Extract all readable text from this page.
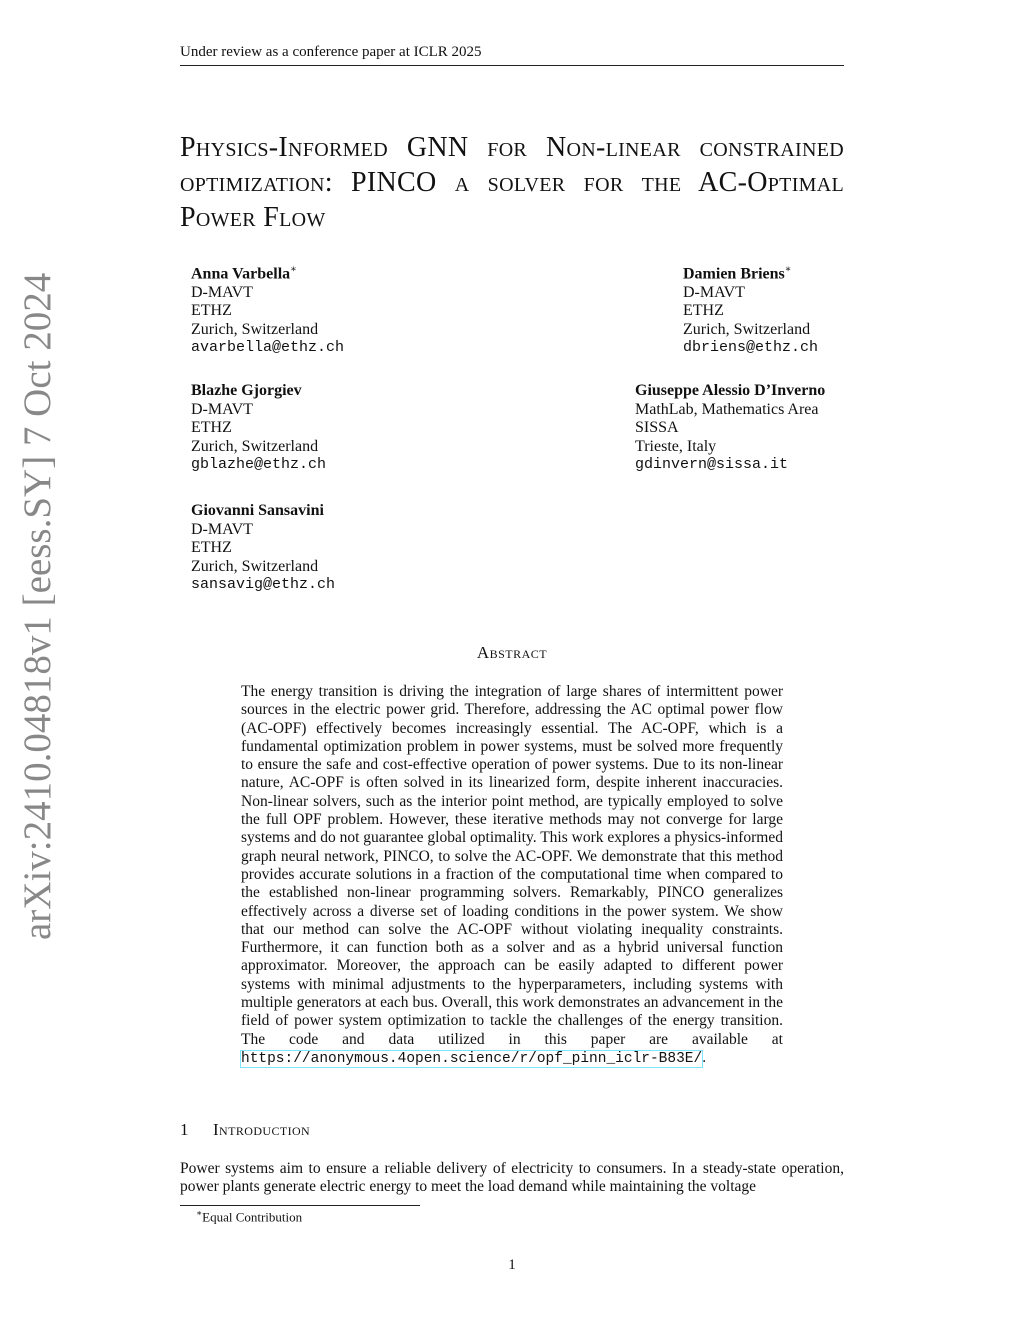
Under review as a conference paper at ICLR 2025
arXiv:2410.04818v1 [eess.SY] 7 Oct 2024
Physics-Informed GNN for Non-linear constrained optimization: PINCO a solver for the AC-Optimal Power Flow
Anna Varbella∗
D-MAVT
ETHZ
Zurich, Switzerland
avarbella@ethz.ch
Damien Briens∗
D-MAVT
ETHZ
Zurich, Switzerland
dbriens@ethz.ch
Blazhe Gjorgiev
D-MAVT
ETHZ
Zurich, Switzerland
gblazhe@ethz.ch
Giuseppe Alessio D’Inverno
MathLab, Mathematics Area
SISSA
Trieste, Italy
gdinvern@sissa.it
Giovanni Sansavini
D-MAVT
ETHZ
Zurich, Switzerland
sansavig@ethz.ch
Abstract
The energy transition is driving the integration of large shares of intermittent power sources in the electric power grid. Therefore, addressing the AC optimal power flow (AC-OPF) effectively becomes increasingly essential. The AC-OPF, which is a fundamental optimization problem in power systems, must be solved more frequently to ensure the safe and cost-effective operation of power systems. Due to its non-linear nature, AC-OPF is often solved in its linearized form, despite inherent inaccuracies. Non-linear solvers, such as the interior point method, are typically employed to solve the full OPF problem. However, these iterative methods may not converge for large systems and do not guarantee global optimality. This work explores a physics-informed graph neural network, PINCO, to solve the AC-OPF. We demonstrate that this method provides accurate solutions in a fraction of the computational time when compared to the established non-linear programming solvers. Remarkably, PINCO generalizes effectively across a diverse set of loading conditions in the power system. We show that our method can solve the AC-OPF without violating inequality constraints. Furthermore, it can function both as a solver and as a hybrid universal function approximator. Moreover, the approach can be easily adapted to different power systems with minimal adjustments to the hyperparameters, including systems with multiple generators at each bus. Overall, this work demonstrates an advancement in the field of power system optimization to tackle the challenges of the energy transition. The code and data utilized in this paper are available at https://anonymous.4open.science/r/opf_pinn_iclr-B83E/.
1 Introduction
Power systems aim to ensure a reliable delivery of electricity to consumers. In a steady-state operation, power plants generate electric energy to meet the load demand while maintaining the voltage
∗Equal Contribution
1
